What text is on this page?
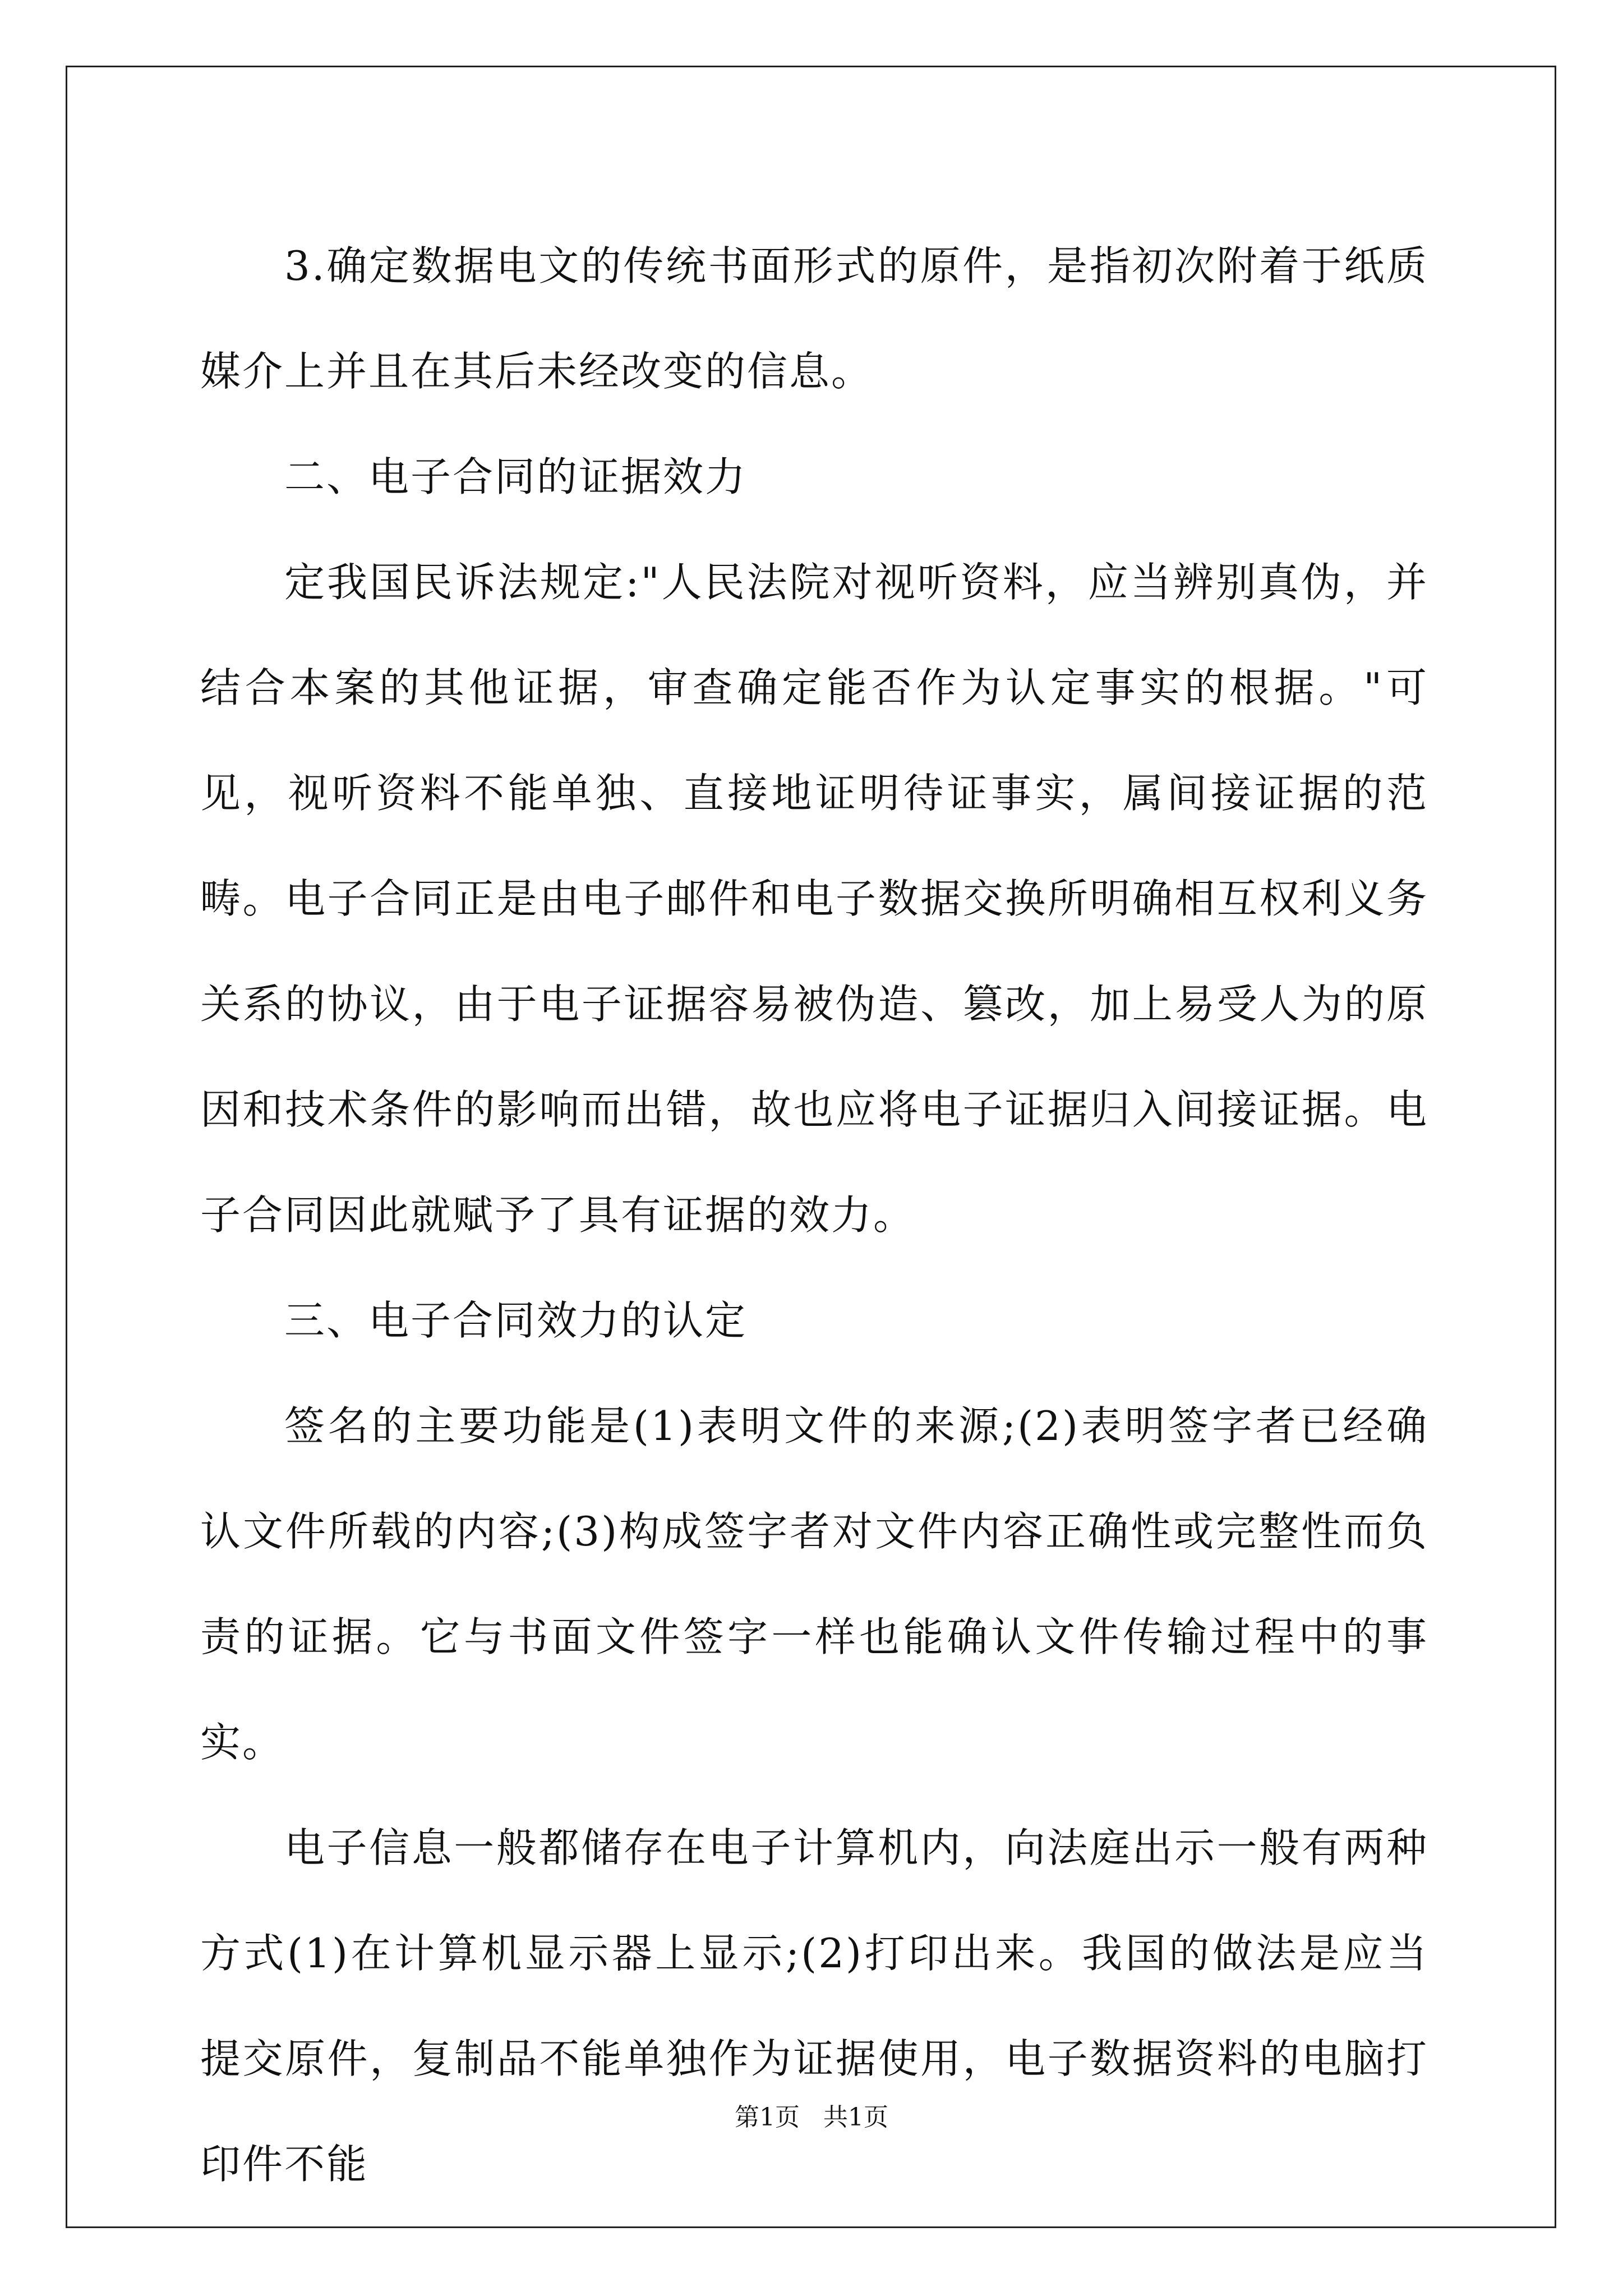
3.确定数据电文的传统书面形式的原件，是指初次附着于纸质媒介上并且在其后未经改变的信息。

二、电子合同的证据效力

定我国民诉法规定:"人民法院对视听资料，应当辨别真伪，并结合本案的其他证据，审查确定能否作为认定事实的根据。"可见，视听资料不能单独、直接地证明待证事实，属间接证据的范畴。电子合同正是由电子邮件和电子数据交换所明确相互权利义务关系的协议，由于电子证据容易被伪造、篡改，加上易受人为的原因和技术条件的影响而出错，故也应将电子证据归入间接证据。电子合同因此就赋予了具有证据的效力。

三、电子合同效力的认定

签名的主要功能是(1)表明文件的来源;(2)表明签字者已经确认文件所载的内容;(3)构成签字者对文件内容正确性或完整性而负责的证据。它与书面文件签字一样也能确认文件传输过程中的事实。

电子信息一般都储存在电子计算机内，向法庭出示一般有两种方式(1)在计算机显示器上显示;(2)打印出来。我国的做法是应当提交原件，复制品不能单独作为证据使用，电子数据资料的电脑打印件不能

第1页 共1页
